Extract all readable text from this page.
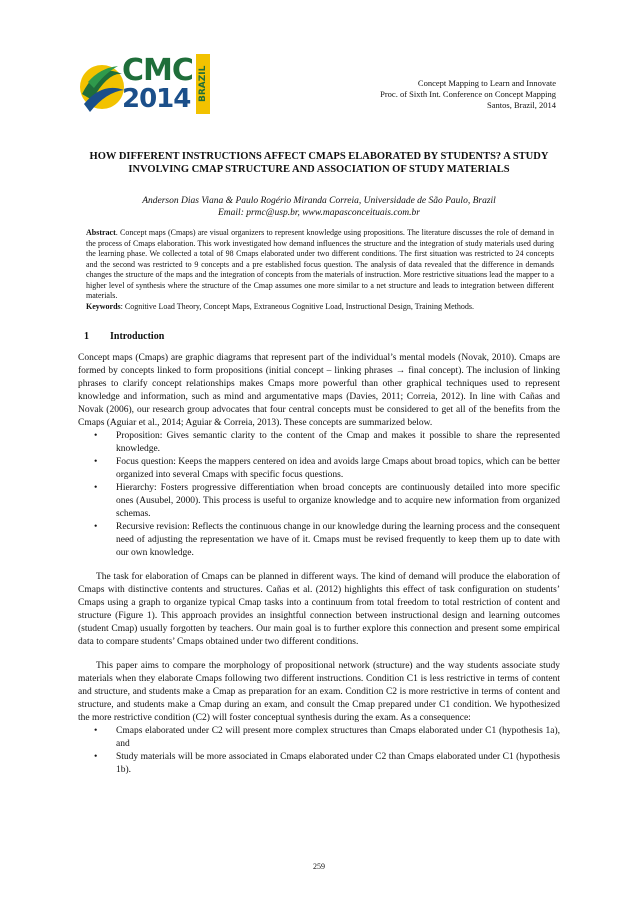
CMC
2014 BRAZIL	Concept Mapping to Learn and Innovate
Proc. of Sixth Int. Conference on Concept Mapping
Santos, Brazil, 2014
HOW DIFFERENT INSTRUCTIONS AFFECT CMAPS ELABORATED BY STUDENTS? A STUDY
INVOLVING CMAP STRUCTURE AND ASSOCIATION OF STUDY MATERIALS
Anderson Dias Viana & Paulo Rogério Miranda Correia, Universidade de São Paulo, Brazil
Email: prmc@usp.br, www.mapasconceituais.com.br
Abstract. Concept maps (Cmaps) are visual organizers to represent knowledge using propositions. The literature discusses the role of demand in the process of Cmaps elaboration. This work investigated how demand influences the structure and the integration of study materials used during the learning phase. We collected a total of 98 Cmaps elaborated under two different conditions. The first situation was restricted to 24 concepts and the second was restricted to 9 concepts and a pre established focus question. The analysis of data revealed that the difference in demands changes the structure of the maps and the integration of concepts from the materials of instruction. More restrictive situations lead the mapper to a higher level of synthesis where the structure of the Cmap assumes one more similar to a net structure and leads to integration between different materials.
Keywords: Cognitive Load Theory, Concept Maps, Extraneous Cognitive Load, Instructional Design, Training Methods.
1 Introduction

Concept maps (Cmaps) are graphic diagrams that represent part of the individual’s mental models (Novak, 2010). Cmaps are formed by concepts linked to form propositions (initial concept – linking phrases → final concept). The inclusion of linking phrases to clarify concept relationships makes Cmaps more powerful than other graphical techniques used to represent knowledge and information, such as mind and argumentative maps (Davies, 2011; Correia, 2012). In line with Cañas and Novak (2006), our research group advocates that four central concepts must be considered to get all of the benefits from the Cmaps (Aguiar et al., 2014; Aguiar & Correia, 2013). These concepts are summarized below.

• Proposition: Gives semantic clarity to the content of the Cmap and makes it possible to share the represented knowledge.
• Focus question: Keeps the mappers centered on idea and avoids large Cmaps about broad topics, which can be better organized into several Cmaps with specific focus questions.
• Hierarchy: Fosters progressive differentiation when broad concepts are continuously detailed into more specific ones (Ausubel, 2000). This process is useful to organize knowledge and to acquire new information from organized schemas.
• Recursive revision: Reflects the continuous change in our knowledge during the learning process and the consequent need of adjusting the representation we have of it. Cmaps must be revised frequently to keep them up to date with our own knowledge.

The task for elaboration of Cmaps can be planned in different ways. The kind of demand will produce the elaboration of Cmaps with distinctive contents and structures. Cañas et al. (2012) highlights this effect of task configuration on students’ Cmaps using a graph to organize typical Cmap tasks into a continuum from total freedom to total restriction of content and structure (Figure 1). This approach provides an insightful connection between instructional design and learning outcomes (student Cmap) usually forgotten by teachers. Our main goal is to further explore this connection and present some empirical data to compare students’ Cmaps obtained under two different conditions.

This paper aims to compare the morphology of propositional network (structure) and the way students associate study materials when they elaborate Cmaps following two different instructions. Condition C1 is less restrictive in terms of content and structure, and students make a Cmap as preparation for an exam. Condition C2 is more restrictive in terms of content and structure, and students make a Cmap during an exam, and consult the Cmap prepared under C1 condition. We hypothesized the more restrictive condition (C2) will foster conceptual synthesis during the exam. As a consequence:

• Cmaps elaborated under C2 will present more complex structures than Cmaps elaborated under C1 (hypothesis 1a), and
• Study materials will be more associated in Cmaps elaborated under C2 than Cmaps elaborated under C1 (hypothesis 1b).
259
